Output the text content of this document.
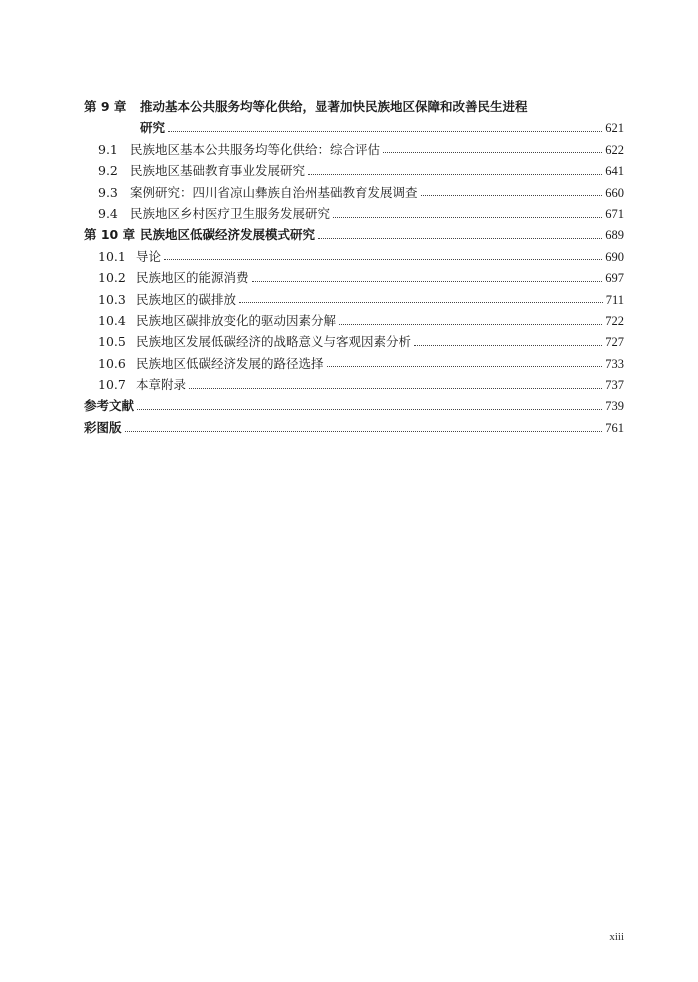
第 9 章	推动基本公共服务均等化供给，显著加快民族地区保障和改善民生进程
研究	621
9.1 民族地区基本公共服务均等化供给：综合评估	622
9.2 民族地区基础教育事业发展研究	641
9.3 案例研究：四川省凉山彝族自治州基础教育发展调查	660
9.4 民族地区乡村医疗卫生服务发展研究	671
第 10 章 民族地区低碳经济发展模式研究	689
10.1 导论	690
10.2 民族地区的能源消费	697
10.3 民族地区的碳排放	711
10.4 民族地区碳排放变化的驱动因素分解	722
10.5 民族地区发展低碳经济的战略意义与客观因素分析	727
10.6 民族地区低碳经济发展的路径选择	733
10.7 本章附录	737
参考文献	739
彩图版	761
xiii
